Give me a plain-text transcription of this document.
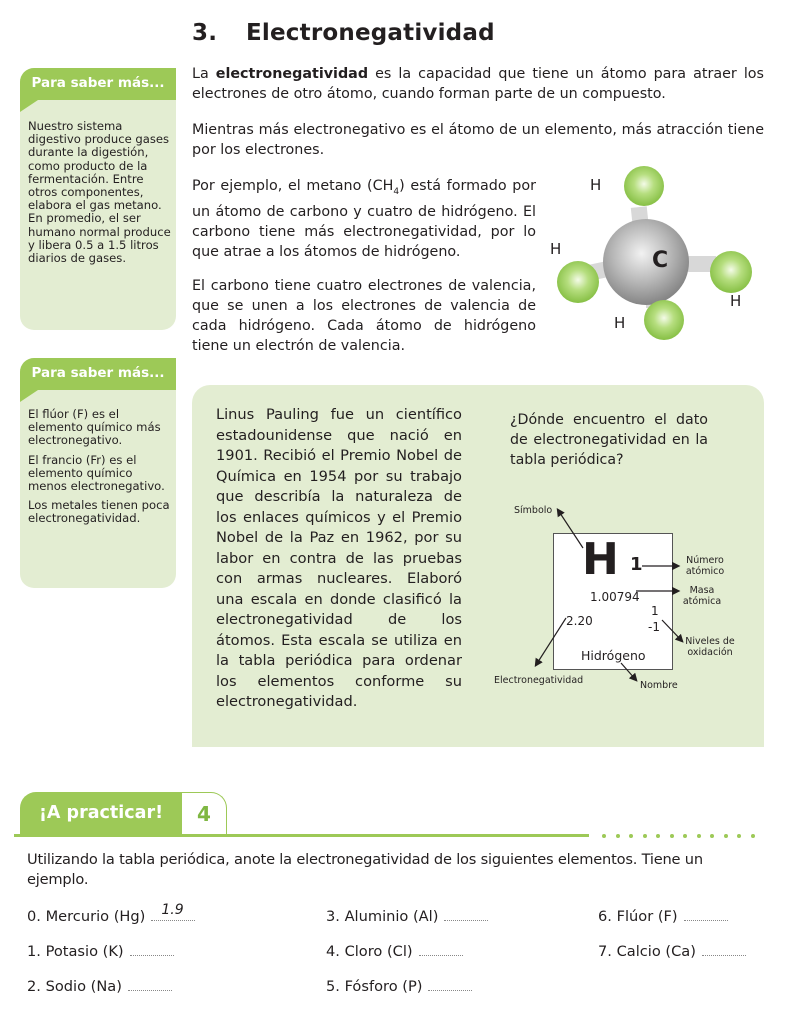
3. Electronegatividad
La electronegatividad es la capacidad que tiene un átomo para atraer los electrones de otro átomo, cuando forman parte de un compuesto.
Mientras más electronegativo es el átomo de un elemento, más atracción tiene por los electrones.
Por ejemplo, el metano $(CH_4)$ está formado por un átomo de carbono y cuatro de hidrógeno. El carbono tiene más electronegatividad, por lo que atrae a los átomos de hidrógeno.
El carbono tiene cuatro electrones de valencia, que se unen a los electrones de valencia de cada hidrógeno. Cada átomo de hidrógeno tiene un electrón de valencia.
C
H
H
H
H
Para saber más...

Nuestro sistema digestivo produce gases durante la digestión, como producto de la fermentación. Entre otros componentes, elabora el gas metano. En promedio, el ser humano normal produce y libera 0.5 a 1.5 litros diarios de gases.

Para saber más...

El flúor (F) es el elemento químico más electronegativo.

El francio (Fr) es el elemento químico menos electronegativo.

Los metales tienen poca electronegatividad.

Linus Pauling fue un científico estadounidense que nació en 1901. Recibió el Premio Nobel de Química en 1954 por su trabajo que describía la naturaleza de los enlaces químicos y el Premio Nobel de la Paz en 1962, por su labor en contra de las pruebas con armas nucleares. Elaboró una escala en donde clasificó la electronegatividad de los átomos. Esta escala se utiliza en la tabla periódica para ordenar los elementos conforme su electronegatividad.
¿Dónde encuentro el dato de electronegatividad en la tabla periódica?
H 1
1.00794
2.20
1
-1
Hidrógeno
Símbolo
Número atómico
Masa atómica
Niveles de oxidación
Electronegatividad	Nombre
¡A practicar!	4
Utilizando la tabla periódica, anote la electronegatividad de los siguientes elementos. Tiene un ejemplo.
0. Mercurio (Hg) 1.9
1. Potasio (K)
2. Sodio (Na)
3. Aluminio (Al)
4. Cloro (Cl)
5. Fósforo (P)
6. Flúor (F)
7. Calcio (Ca)
